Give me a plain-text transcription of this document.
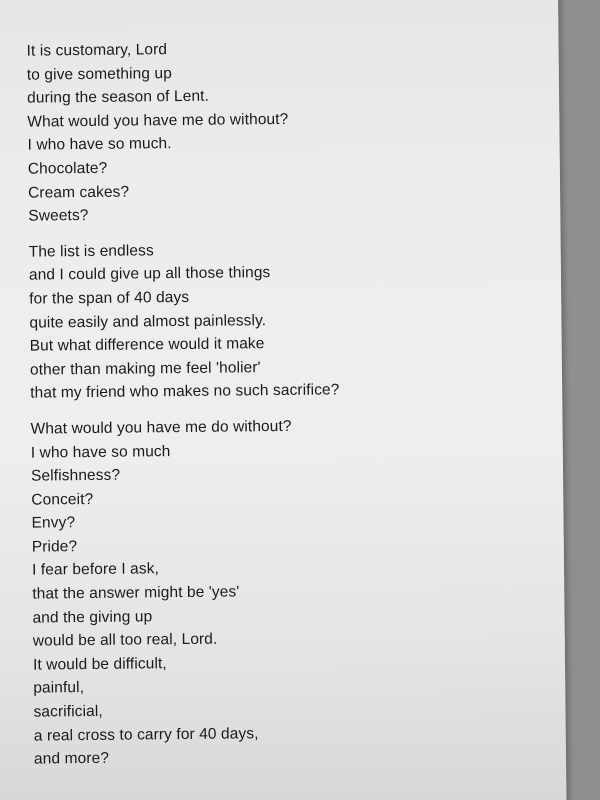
It is customary, Lord
to give something up
during the season of Lent.
What would you have me do without?
I who have so much.
Chocolate?
Cream cakes?
Sweets?
The list is endless
and I could give up all those things
for the span of 40 days
quite easily and almost painlessly.
But what difference would it make
other than making me feel 'holier'
that my friend who makes no such sacrifice?
What would you have me do without?
I who have so much
Selfishness?
Conceit?
Envy?
Pride?
I fear before I ask,
that the answer might be 'yes'
and the giving up
would be all too real, Lord.
It would be difficult,
painful,
sacrificial,
a real cross to carry for 40 days,
and more?
